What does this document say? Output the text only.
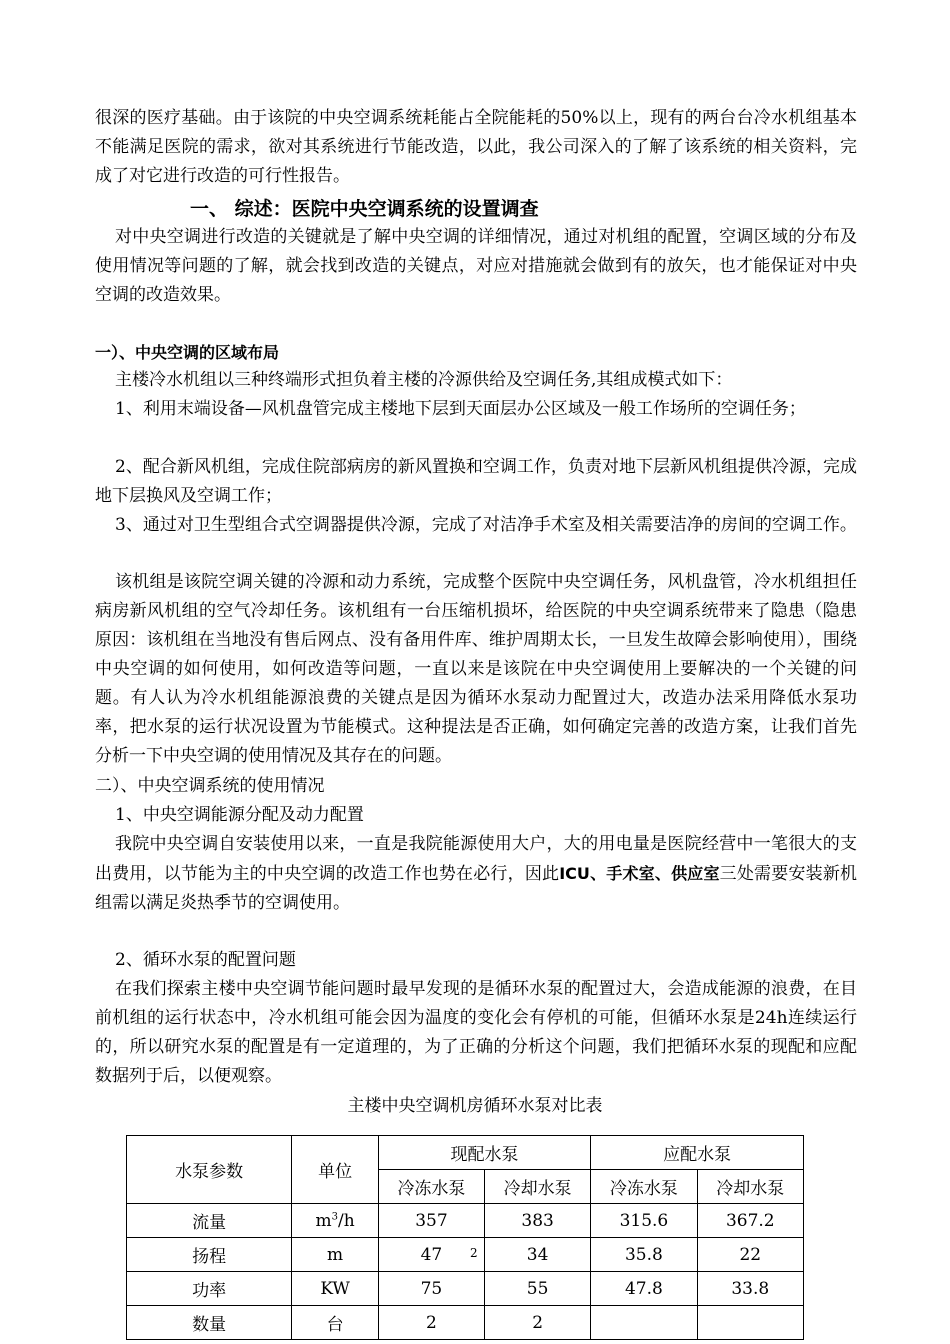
很深的医疗基础。由于该院的中央空调系统耗能占全院能耗的50%以上，现有的两台台冷水机组基本不能满足医院的需求，欲对其系统进行节能改造，以此，我公司深入的了解了该系统的相关资料，完成了对它进行改造的可行性报告。

一、 综述：医院中央空调系统的设置调查

对中央空调进行改造的关键就是了解中央空调的详细情况，通过对机组的配置，空调区域的分布及使用情况等问题的了解，就会找到改造的关键点，对应对措施就会做到有的放矢，也才能保证对中央空调的改造效果。

一）、中央空调的区域布局

主楼冷水机组以三种终端形式担负着主楼的冷源供给及空调任务,其组成模式如下：

1、利用末端设备—风机盘管完成主楼地下层到天面层办公区域及一般工作场所的空调任务；

2、配合新风机组，完成住院部病房的新风置换和空调工作，负责对地下层新风机组提供冷源，完成地下层换风及空调工作；

3、通过对卫生型组合式空调器提供冷源，完成了对洁净手术室及相关需要洁净的房间的空调工作。

该机组是该院空调关键的冷源和动力系统，完成整个医院中央空调任务，风机盘管，冷水机组担任病房新风机组的空气冷却任务。该机组有一台压缩机损坏，给医院的中央空调系统带来了隐患（隐患原因：该机组在当地没有售后网点、没有备用件库、维护周期太长，一旦发生故障会影响使用），围绕中央空调的如何使用，如何改造等问题，一直以来是该院在中央空调使用上要解决的一个关键的问题。有人认为冷水机组能源浪费的关键点是因为循环水泵动力配置过大，改造办法采用降低水泵功率，把水泵的运行状况设置为节能模式。这种提法是否正确，如何确定完善的改造方案，让我们首先分析一下中央空调的使用情况及其存在的问题。

二）、中央空调系统的使用情况

1、中央空调能源分配及动力配置

我院中央空调自安装使用以来，一直是我院能源使用大户，大的用电量是医院经营中一笔很大的支出费用，以节能为主的中央空调的改造工作也势在必行，因此ICU、手术室、供应室三处需要安装新机组需以满足炎热季节的空调使用。

2、循环水泵的配置问题

在我们探索主楼中央空调节能问题时最早发现的是循环水泵的配置过大，会造成能源的浪费，在目前机组的运行状态中，冷水机组可能会因为温度的变化会有停机的可能，但循环水泵是24h连续运行的，所以研究水泵的配置是有一定道理的，为了正确的分析这个问题，我们把循环水泵的现配和应配数据列于后，以便观察。

主楼中央空调机房循环水泵对比表

水泵参数	单位	现配水泵		应配水泵	
		冷冻水泵	冷却水泵	冷冻水泵	冷却水泵
流量	$m^3/h$	357	383	315.6	367.2
扬程	m	47	34	35.8	22
功率	KW	75	55	47.8	33.8
数量	台	2	2		
2
